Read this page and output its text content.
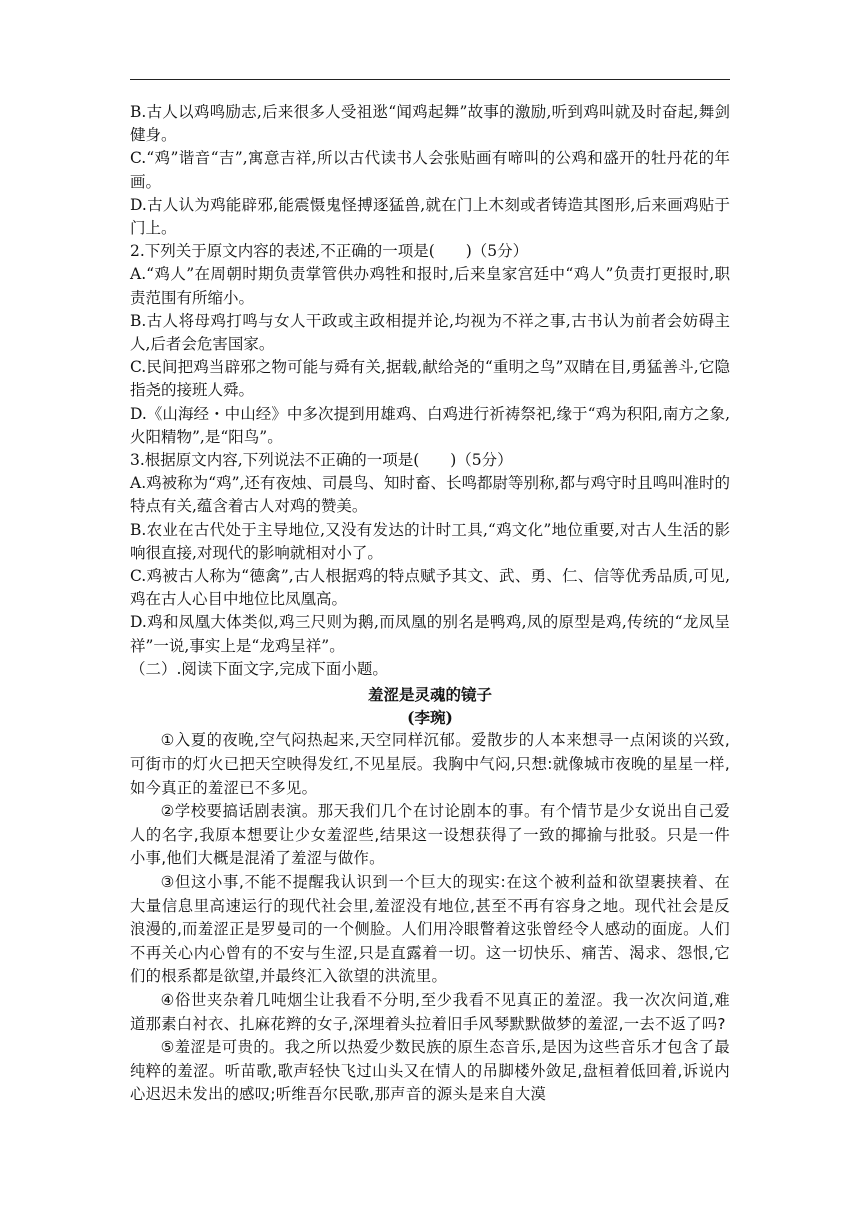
B.古人以鸡鸣励志,后来很多人受祖逖“闻鸡起舞”故事的激励,听到鸡叫就及时奋起,舞剑健身。

C.“鸡”谐音“吉”,寓意吉祥,所以古代读书人会张贴画有啼叫的公鸡和盛开的牡丹花的年画。

D.古人认为鸡能辟邪,能震慑鬼怪搏逐猛兽,就在门上木刻或者铸造其图形,后来画鸡贴于门上。

2.下列关于原文内容的表述,不正确的一项是(　　)（5分）

A.“鸡人”在周朝时期负责掌管供办鸡牲和报时,后来皇家宫廷中“鸡人”负责打更报时,职责范围有所缩小。

B.古人将母鸡打鸣与女人干政或主政相提并论,均视为不祥之事,古书认为前者会妨碍主人,后者会危害国家。

C.民间把鸡当辟邪之物可能与舜有关,据载,献给尧的“重明之鸟”双睛在目,勇猛善斗,它隐指尧的接班人舜。

D.《山海经・中山经》中多次提到用雄鸡、白鸡进行祈祷祭祀,缘于“鸡为积阳,南方之象,火阳精物”,是“阳鸟”。

3.根据原文内容,下列说法不正确的一项是(　　)（5分）

A.鸡被称为“鸡”,还有夜烛、司晨鸟、知时畜、长鸣都尉等别称,都与鸡守时且鸣叫准时的特点有关,蕴含着古人对鸡的赞美。

B.农业在古代处于主导地位,又没有发达的计时工具,“鸡文化”地位重要,对古人生活的影响很直接,对现代的影响就相对小了。

C.鸡被古人称为“德禽”,古人根据鸡的特点赋予其文、武、勇、仁、信等优秀品质,可见,鸡在古人心目中地位比凤凰高。

D.鸡和凤凰大体类似,鸡三尺则为鹅,而凤凰的别名是鸭鸡,凤的原型是鸡,传统的“龙凤呈祥”一说,事实上是“龙鸡呈祥”。

（二）.阅读下面文字,完成下面小题。

羞涩是灵魂的镜子

(李琬)

①入夏的夜晚,空气闷热起来,天空同样沉郁。爱散步的人本来想寻一点闲谈的兴致,可街市的灯火已把天空映得发红,不见星辰。我胸中气闷,只想:就像城市夜晚的星星一样,如今真正的羞涩已不多见。

②学校要搞话剧表演。那天我们几个在讨论剧本的事。有个情节是少女说出自己爱人的名字,我原本想要让少女羞涩些,结果这一设想获得了一致的揶揄与批驳。只是一件小事,他们大概是混淆了羞涩与做作。

③但这小事,不能不提醒我认识到一个巨大的现实:在这个被利益和欲望裹挟着、在大量信息里高速运行的现代社会里,羞涩没有地位,甚至不再有容身之地。现代社会是反浪漫的,而羞涩正是罗曼司的一个侧脸。人们用冷眼瞥着这张曾经令人感动的面庞。人们不再关心内心曾有的不安与生涩,只是直露着一切。这一切快乐、痛苦、渴求、怨恨,它们的根系都是欲望,并最终汇入欲望的洪流里。

④俗世夹杂着几吨烟尘让我看不分明,至少我看不见真正的羞涩。我一次次问道,难道那素白衬衣、扎麻花辫的女子,深埋着头拉着旧手风琴默默做梦的羞涩,一去不返了吗?

⑤羞涩是可贵的。我之所以热爱少数民族的原生态音乐,是因为这些音乐才包含了最纯粹的羞涩。听苗歌,歌声轻快飞过山头又在情人的吊脚楼外敛足,盘桓着低回着,诉说内心迟迟未发出的感叹;听维吾尔民歌,那声音的源头是来自大漠
